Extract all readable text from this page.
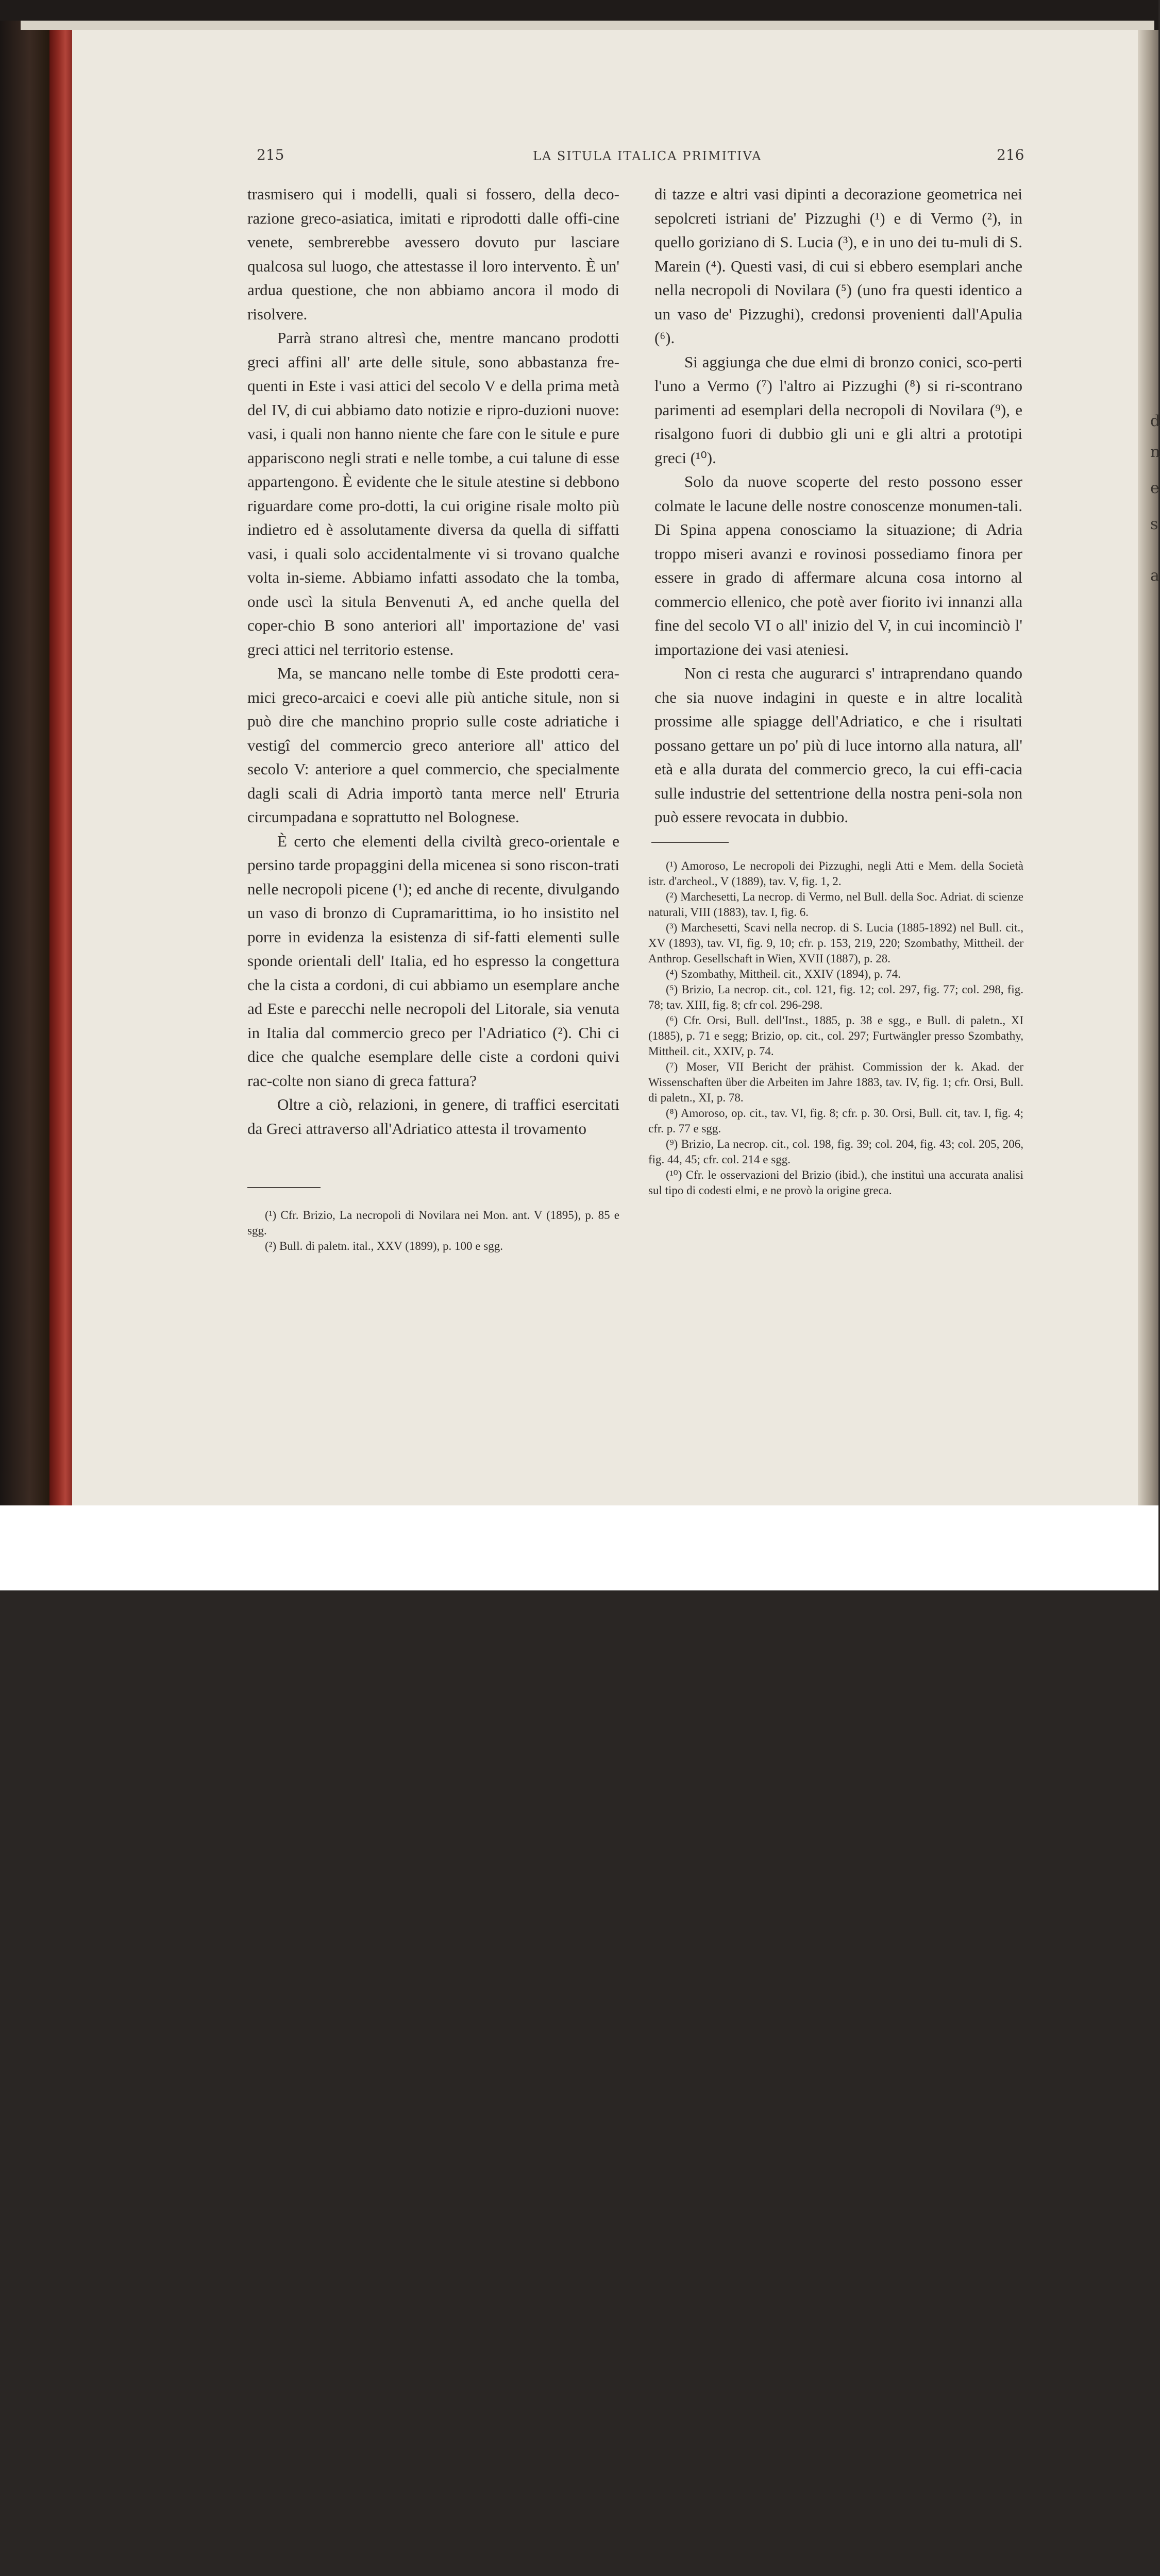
d
n
e
s
a
215	LA SITULA ITALICA PRIMITIVA	216

trasmisero qui i modelli, quali si fossero, della deco-razione greco-asiatica, imitati e riprodotti dalle offi-cine venete, sembrerebbe avessero dovuto pur lasciare qualcosa sul luogo, che attestasse il loro intervento. È un' ardua questione, che non abbiamo ancora il modo di risolvere.

Parrà strano altresì che, mentre mancano prodotti greci affini all' arte delle situle, sono abbastanza fre-quenti in Este i vasi attici del secolo V e della prima metà del IV, di cui abbiamo dato notizie e ripro-duzioni nuove: vasi, i quali non hanno niente che fare con le situle e pure appariscono negli strati e nelle tombe, a cui talune di esse appartengono. È evidente che le situle atestine si debbono riguardare come pro-dotti, la cui origine risale molto più indietro ed è assolutamente diversa da quella di siffatti vasi, i quali solo accidentalmente vi si trovano qualche volta in-sieme. Abbiamo infatti assodato che la tomba, onde uscì la situla Benvenuti A, ed anche quella del coper-chio B sono anteriori all' importazione de' vasi greci attici nel territorio estense.

Ma, se mancano nelle tombe di Este prodotti cera-mici greco-arcaici e coevi alle più antiche situle, non si può dire che manchino proprio sulle coste adriatiche i vestigî del commercio greco anteriore all' attico del secolo V: anteriore a quel commercio, che specialmente dagli scali di Adria importò tanta merce nell' Etruria circumpadana e soprattutto nel Bolognese.

È certo che elementi della civiltà greco-orientale e persino tarde propaggini della micenea si sono riscon-trati nelle necropoli picene (¹); ed anche di recente, divulgando un vaso di bronzo di Cupramarittima, io ho insistito nel porre in evidenza la esistenza di sif-fatti elementi sulle sponde orientali dell' Italia, ed ho espresso la congettura che la cista a cordoni, di cui abbiamo un esemplare anche ad Este e parecchi nelle necropoli del Litorale, sia venuta in Italia dal commercio greco per l'Adriatico (²). Chi ci dice che qualche esemplare delle ciste a cordoni quivi rac-colte non siano di greca fattura?

Oltre a ciò, relazioni, in genere, di traffici esercitati da Greci attraverso all'Adriatico attesta il trovamento

(¹) Cfr. Brizio, La necropoli di Novilara nei Mon. ant. V (1895), p. 85 e sgg.

(²) Bull. di paletn. ital., XXV (1899), p. 100 e sgg.

di tazze e altri vasi dipinti a decorazione geometrica nei sepolcreti istriani de' Pizzughi (¹) e di Vermo (²), in quello goriziano di S. Lucia (³), e in uno dei tu-muli di S. Marein (⁴). Questi vasi, di cui si ebbero esemplari anche nella necropoli di Novilara (⁵) (uno fra questi identico a un vaso de' Pizzughi), credonsi provenienti dall'Apulia (⁶).

Si aggiunga che due elmi di bronzo conici, sco-perti l'uno a Vermo (⁷) l'altro ai Pizzughi (⁸) si ri-scontrano parimenti ad esemplari della necropoli di Novilara (⁹), e risalgono fuori di dubbio gli uni e gli altri a prototipi greci (¹⁰).

Solo da nuove scoperte del resto possono esser colmate le lacune delle nostre conoscenze monumen-tali. Di Spina appena conosciamo la situazione; di Adria troppo miseri avanzi e rovinosi possediamo finora per essere in grado di affermare alcuna cosa intorno al commercio ellenico, che potè aver fiorito ivi innanzi alla fine del secolo VI o all' inizio del V, in cui incominciò l' importazione dei vasi ateniesi.

Non ci resta che augurarci s' intraprendano quando che sia nuove indagini in queste e in altre località prossime alle spiagge dell'Adriatico, e che i risultati possano gettare un po' più di luce intorno alla natura, all' età e alla durata del commercio greco, la cui effi-cacia sulle industrie del settentrione della nostra peni-sola non può essere revocata in dubbio.

(¹) Amoroso, Le necropoli dei Pizzughi, negli Atti e Mem. della Società istr. d'archeol., V (1889), tav. V, fig. 1, 2.

(²) Marchesetti, La necrop. di Vermo, nel Bull. della Soc. Adriat. di scienze naturali, VIII (1883), tav. I, fig. 6.

(³) Marchesetti, Scavi nella necrop. di S. Lucia (1885-1892) nel Bull. cit., XV (1893), tav. VI, fig. 9, 10; cfr. p. 153, 219, 220; Szombathy, Mittheil. der Anthrop. Gesellschaft in Wien, XVII (1887), p. 28.

(⁴) Szombathy, Mittheil. cit., XXIV (1894), p. 74.

(⁵) Brizio, La necrop. cit., col. 121, fig. 12; col. 297, fig. 77; col. 298, fig. 78; tav. XIII, fig. 8; cfr col. 296-298.

(⁶) Cfr. Orsi, Bull. dell'Inst., 1885, p. 38 e sgg., e Bull. di paletn., XI (1885), p. 71 e segg; Brizio, op. cit., col. 297; Furtwängler presso Szombathy, Mittheil. cit., XXIV, p. 74.

(⁷) Moser, VII Bericht der prähist. Commission der k. Akad. der Wissenschaften über die Arbeiten im Jahre 1883, tav. IV, fig. 1; cfr. Orsi, Bull. di paletn., XI, p. 78.

(⁸) Amoroso, op. cit., tav. VI, fig. 8; cfr. p. 30. Orsi, Bull. cit, tav. I, fig. 4; cfr. p. 77 e sgg.

(⁹) Brizio, La necrop. cit., col. 198, fig. 39; col. 204, fig. 43; col. 205, 206, fig. 44, 45; cfr. col. 214 e sgg.

(¹⁰) Cfr. le osservazioni del Brizio (ibid.), che instituì una accurata analisi sul tipo di codesti elmi, e ne provò la origine greca.
